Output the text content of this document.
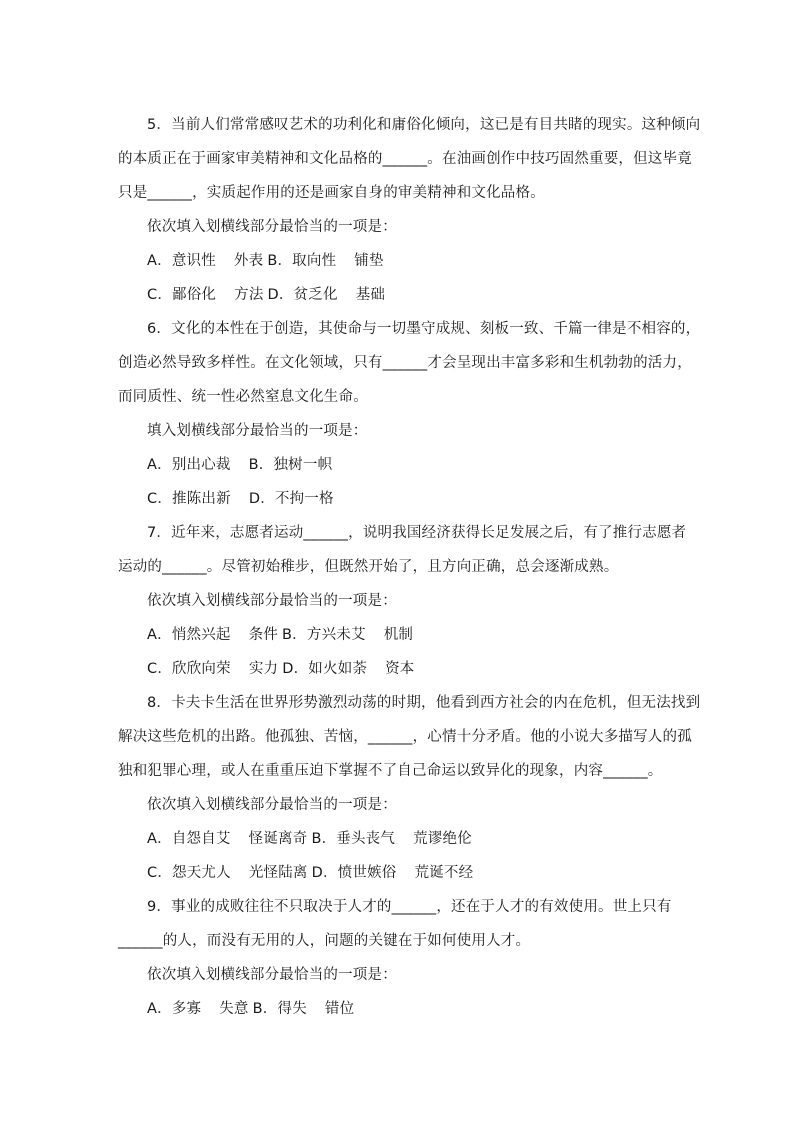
5．当前人们常常感叹艺术的功利化和庸俗化倾向，这已是有目共睹的现实。这种倾向
的本质正在于画家审美精神和文化品格的______。在油画创作中技巧固然重要，但这毕竟
只是______，实质起作用的还是画家自身的审美精神和文化品格。
依次填入划横线部分最恰当的一项是：
A．意识性 外表 B．取向性 铺垫
C．鄙俗化 方法 D．贫乏化 基础
6．文化的本性在于创造，其使命与一切墨守成规、刻板一致、千篇一律是不相容的，
创造必然导致多样性。在文化领域，只有______才会呈现出丰富多彩和生机勃勃的活力，
而同质性、统一性必然窒息文化生命。
填入划横线部分最恰当的一项是：
A．别出心裁 B．独树一帜
C．推陈出新 D．不拘一格
7．近年来，志愿者运动______，说明我国经济获得长足发展之后，有了推行志愿者
运动的______。尽管初始稚步，但既然开始了，且方向正确，总会逐渐成熟。
依次填入划横线部分最恰当的一项是：
A．悄然兴起 条件 B．方兴未艾 机制
C．欣欣向荣 实力 D．如火如荼 资本
8．卡夫卡生活在世界形势激烈动荡的时期，他看到西方社会的内在危机，但无法找到
解决这些危机的出路。他孤独、苦恼，______，心情十分矛盾。他的小说大多描写人的孤
独和犯罪心理，或人在重重压迫下掌握不了自己命运以致异化的现象，内容______。
依次填入划横线部分最恰当的一项是：
A．自怨自艾 怪诞离奇 B．垂头丧气 荒谬绝伦
C．怨天尤人 光怪陆离 D．愤世嫉俗 荒诞不经
9．事业的成败往往不只取决于人才的______，还在于人才的有效使用。世上只有
______的人，而没有无用的人，问题的关键在于如何使用人才。
依次填入划横线部分最恰当的一项是：
A．多寡 失意 B．得失 错位
